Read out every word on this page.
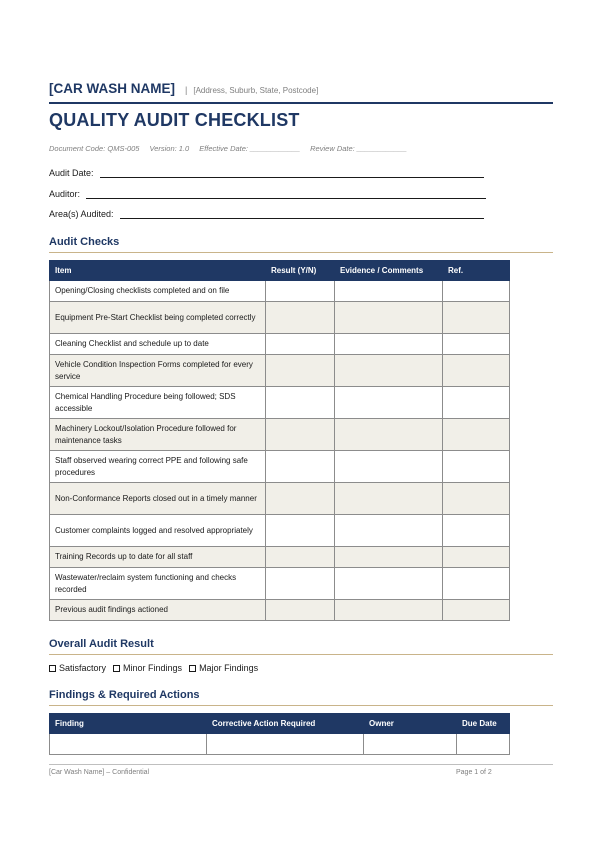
[CAR WASH NAME] | [Address, Suburb, State, Postcode]
QUALITY AUDIT CHECKLIST
Document Code: QMS-005 Version: 1.0 Effective Date: ____________ Review Date: ____________
Audit Date:
Auditor:
Area(s) Audited:
Audit Checks
Item	Result (Y/N)	Evidence / Comments	Ref.
Opening/Closing checklists completed and on file			
Equipment Pre-Start Checklist being completed correctly			
Cleaning Checklist and schedule up to date			
Vehicle Condition Inspection Forms completed for every service			
Chemical Handling Procedure being followed; SDS accessible			
Machinery Lockout/Isolation Procedure followed for maintenance tasks			
Staff observed wearing correct PPE and following safe procedures			
Non-Conformance Reports closed out in a timely manner			
Customer complaints logged and resolved appropriately			
Training Records up to date for all staff			
Wastewater/reclaim system functioning and checks recorded			
Previous audit findings actioned			
Overall Audit Result
Satisfactory Minor Findings Major Findings
Findings & Required Actions
Finding	Corrective Action Required	Owner	Due Date

[Car Wash Name] – Confidential	Page 1 of 2
